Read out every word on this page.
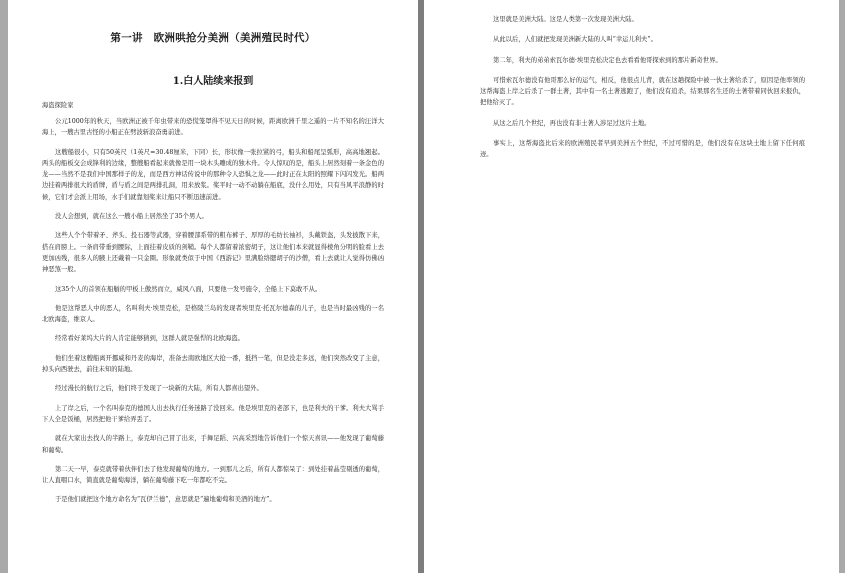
第一讲　欧洲哄抢分美洲（美洲殖民时代）
1.白人陆续来报到
海盗探险家

公元1000年的秋天，当欧洲正被千年虫带来的恐慌笼罩得不见天日的时候，距离欧洲千里之遥的一片不知名的汪洋大海上，一艘古里古怪的小船正在劈波斩浪奋勇前进。

这艘船很小，只有50英尺（1英尺=30.48厘米，下同）长，形状像一张拉紧的弓，船头和船尾呈弧形，高高地翘起。两头的船板交会成锋利的边缘，整艘船看起来就像是用一块木头雕成的独木舟。令人惊叹的是，船头上居然刻着一条金色的龙——当然不是我们中国那样子的龙，而是西方神话传说中的那种令人恐惧之龙——此时正在太阳的照耀下闪闪发光。船两边挂着两排很大的盾牌，盾与盾之间是两排孔洞，用来放浆。桨平时一动不动躺在船底，没什么用处，只有当风平浪静的时候，它们才会派上用场，水手们就靠划桨来让船只不断迅速前进。

没人会想到，就在这么一艘小船上居然坐了35个男人。

这些人个个带着矛、斧头、投石器等武器，穿着腰部系带的粗布裤子、厚厚的毛纺长袖衫，头戴铁盔，头发披散下来，搭在肩膀上。一条肩带垂到腰际，上面挂着皮质的剑鞘。每个人都留着浓密胡子，这让他们本来就显得棱角分明的脸看上去更加凶残，很多人的腋上还戴着一只金圈。形象就类似于中国《西游记》里满脸络腮胡子的沙僧，看上去就让人觉得仿佛凶神恶煞一般。

这35个人的首领在船艏的甲板上傲然而立，威风八面，只要他一发号施令，全船上下莫敢不从。

他是这帮恶人中的恶人，名叫利夫·埃里克松，是格陵兰岛的发现者埃里克·托瓦尔德森的儿子，也是当时最凶残的一名北欧海盗，维京人。

经常看好莱坞大片的人肯定能够猜到，这群人就是强悍的北欧海盗。

他们坐着这艘船离开挪威和丹麦的海岸，准备去南欧地区大抢一番，抵挡一笔，但是没走多远，他们突然改变了主意，掉头向西驶去，前往未知的陆地。

经过漫长的航行之后，他们终于发现了一块新的大陆，所有人都喜出望外。

上了岸之后，一个名叫泰克的德国人出去执行任务迷路了没回来。他是埃里克的老部下，也是利夫的干爹。利夫大骂手下人全是饭桶，居然把他干爹给弄丢了。

就在大家出去找人的半路上，泰克却自己冒了出来，手舞足蹈、兴高采烈地告诉他们一个惊天喜讯——他发现了葡萄藤和葡萄。

第二天一早，泰克就带着伙伴们去了他发现葡萄的地方。一到那儿之后，所有人都惊呆了：到处挂着晶莹剔透的葡萄，让人直咽口水，简直就是葡萄海洋，躺在葡萄藤下吃一年都吃不完。

于是他们就把这个地方命名为“瓦伊兰德”，意思就是“遍地葡萄和美酒的地方”。

这里就是美洲大陆。这是人类第一次发现美洲大陆。

从此以后，人们就把发现美洲新大陆的人叫“幸运儿利夫”。

第二年，利夫的弟弟索瓦尔德·埃里克松决定也去看看他哥探索到的那片新奇世界。

可惜索瓦尔德没有他哥那么好的运气，相反，他很点儿背，就在这趟探险中被一伙土著给杀了，原因是他率领的这帮海盗上岸之后杀了一群土著，其中有一名土著逃跑了，他们没有追杀，结果那名生还的土著带着同伙回来报仇，把他给灭了。

从这之后几个世纪，再也没有非土著人涉足过这片土地。

事实上，这帮海盗比后来的欧洲殖民者早到美洲五个世纪，不过可惜的是，他们没有在这块土地上留下任何痕迹。
